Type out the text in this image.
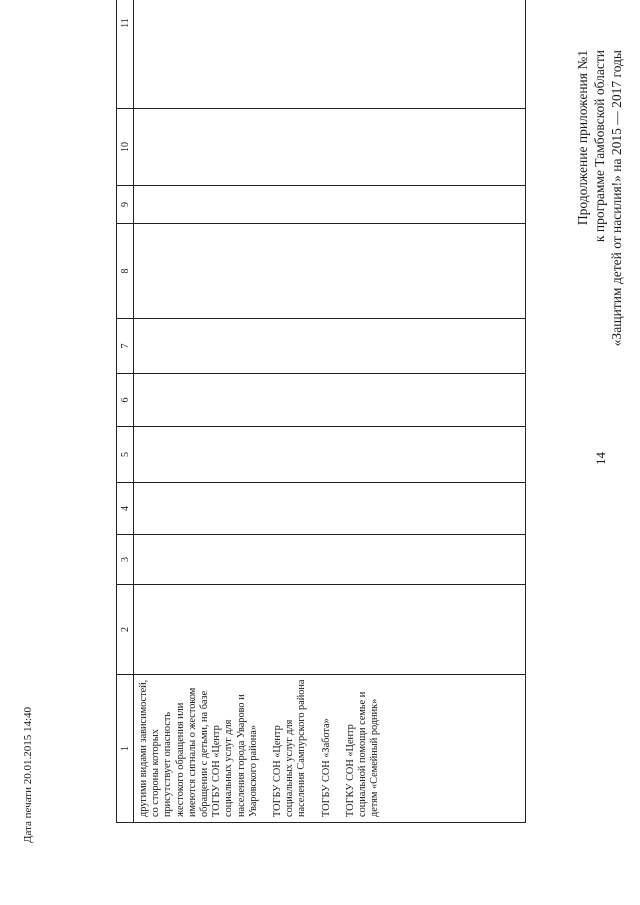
Продолжение приложения №1 к программе Тамбовской области «Защитим детей от насилия!» на 2015 — 2017 годы
14
1	2	3	4	5	6	7	8	9	10	11

другими видами зависимостей, со стороны которых присутствует опасность жестокого обращения или имеются сигналы о жестоком обращении с детьми, на базе ТОГБУ СОН «Центр социальных услуг для населения города Уварово и Уваровского района» ТОГБУ СОН «Центр социальных услуг для населения Сампурского района ТОГБУ СОН «Забота» ТОГКУ СОН «Центр социальной помощи семье и детям «Семейный родник»										

Дата печати 20.01.2015 14:40
